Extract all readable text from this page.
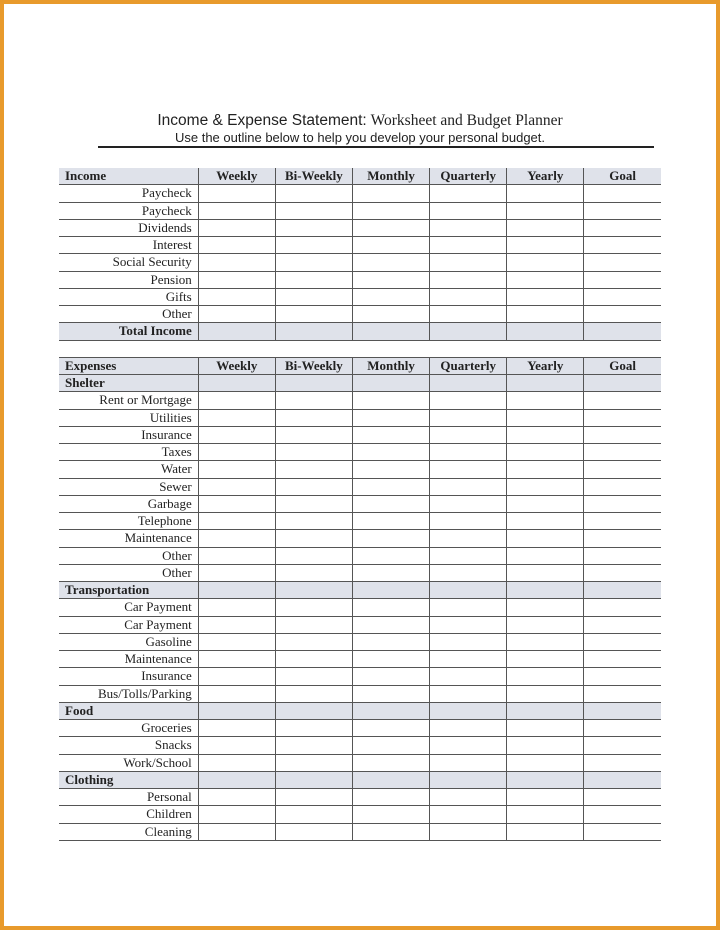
Income & Expense Statement: Worksheet and Budget Planner
Use the outline below to help you develop your personal budget.
Income	Weekly	Bi-Weekly	Monthly	Quarterly	Yearly	Goal
Paycheck						
Paycheck						
Dividends						
Interest						
Social Security						
Pension						
Gifts						
Other						
Total Income						

Expenses	Weekly	Bi-Weekly	Monthly	Quarterly	Yearly	Goal
Shelter						
Rent or Mortgage						
Utilities						
Insurance						
Taxes						
Water						
Sewer						
Garbage						
Telephone						
Maintenance						
Other						
Other						
Transportation						
Car Payment						
Car Payment						
Gasoline						
Maintenance						
Insurance						
Bus/Tolls/Parking						
Food						
Groceries						
Snacks						
Work/School						
Clothing						
Personal						
Children						
Cleaning						
